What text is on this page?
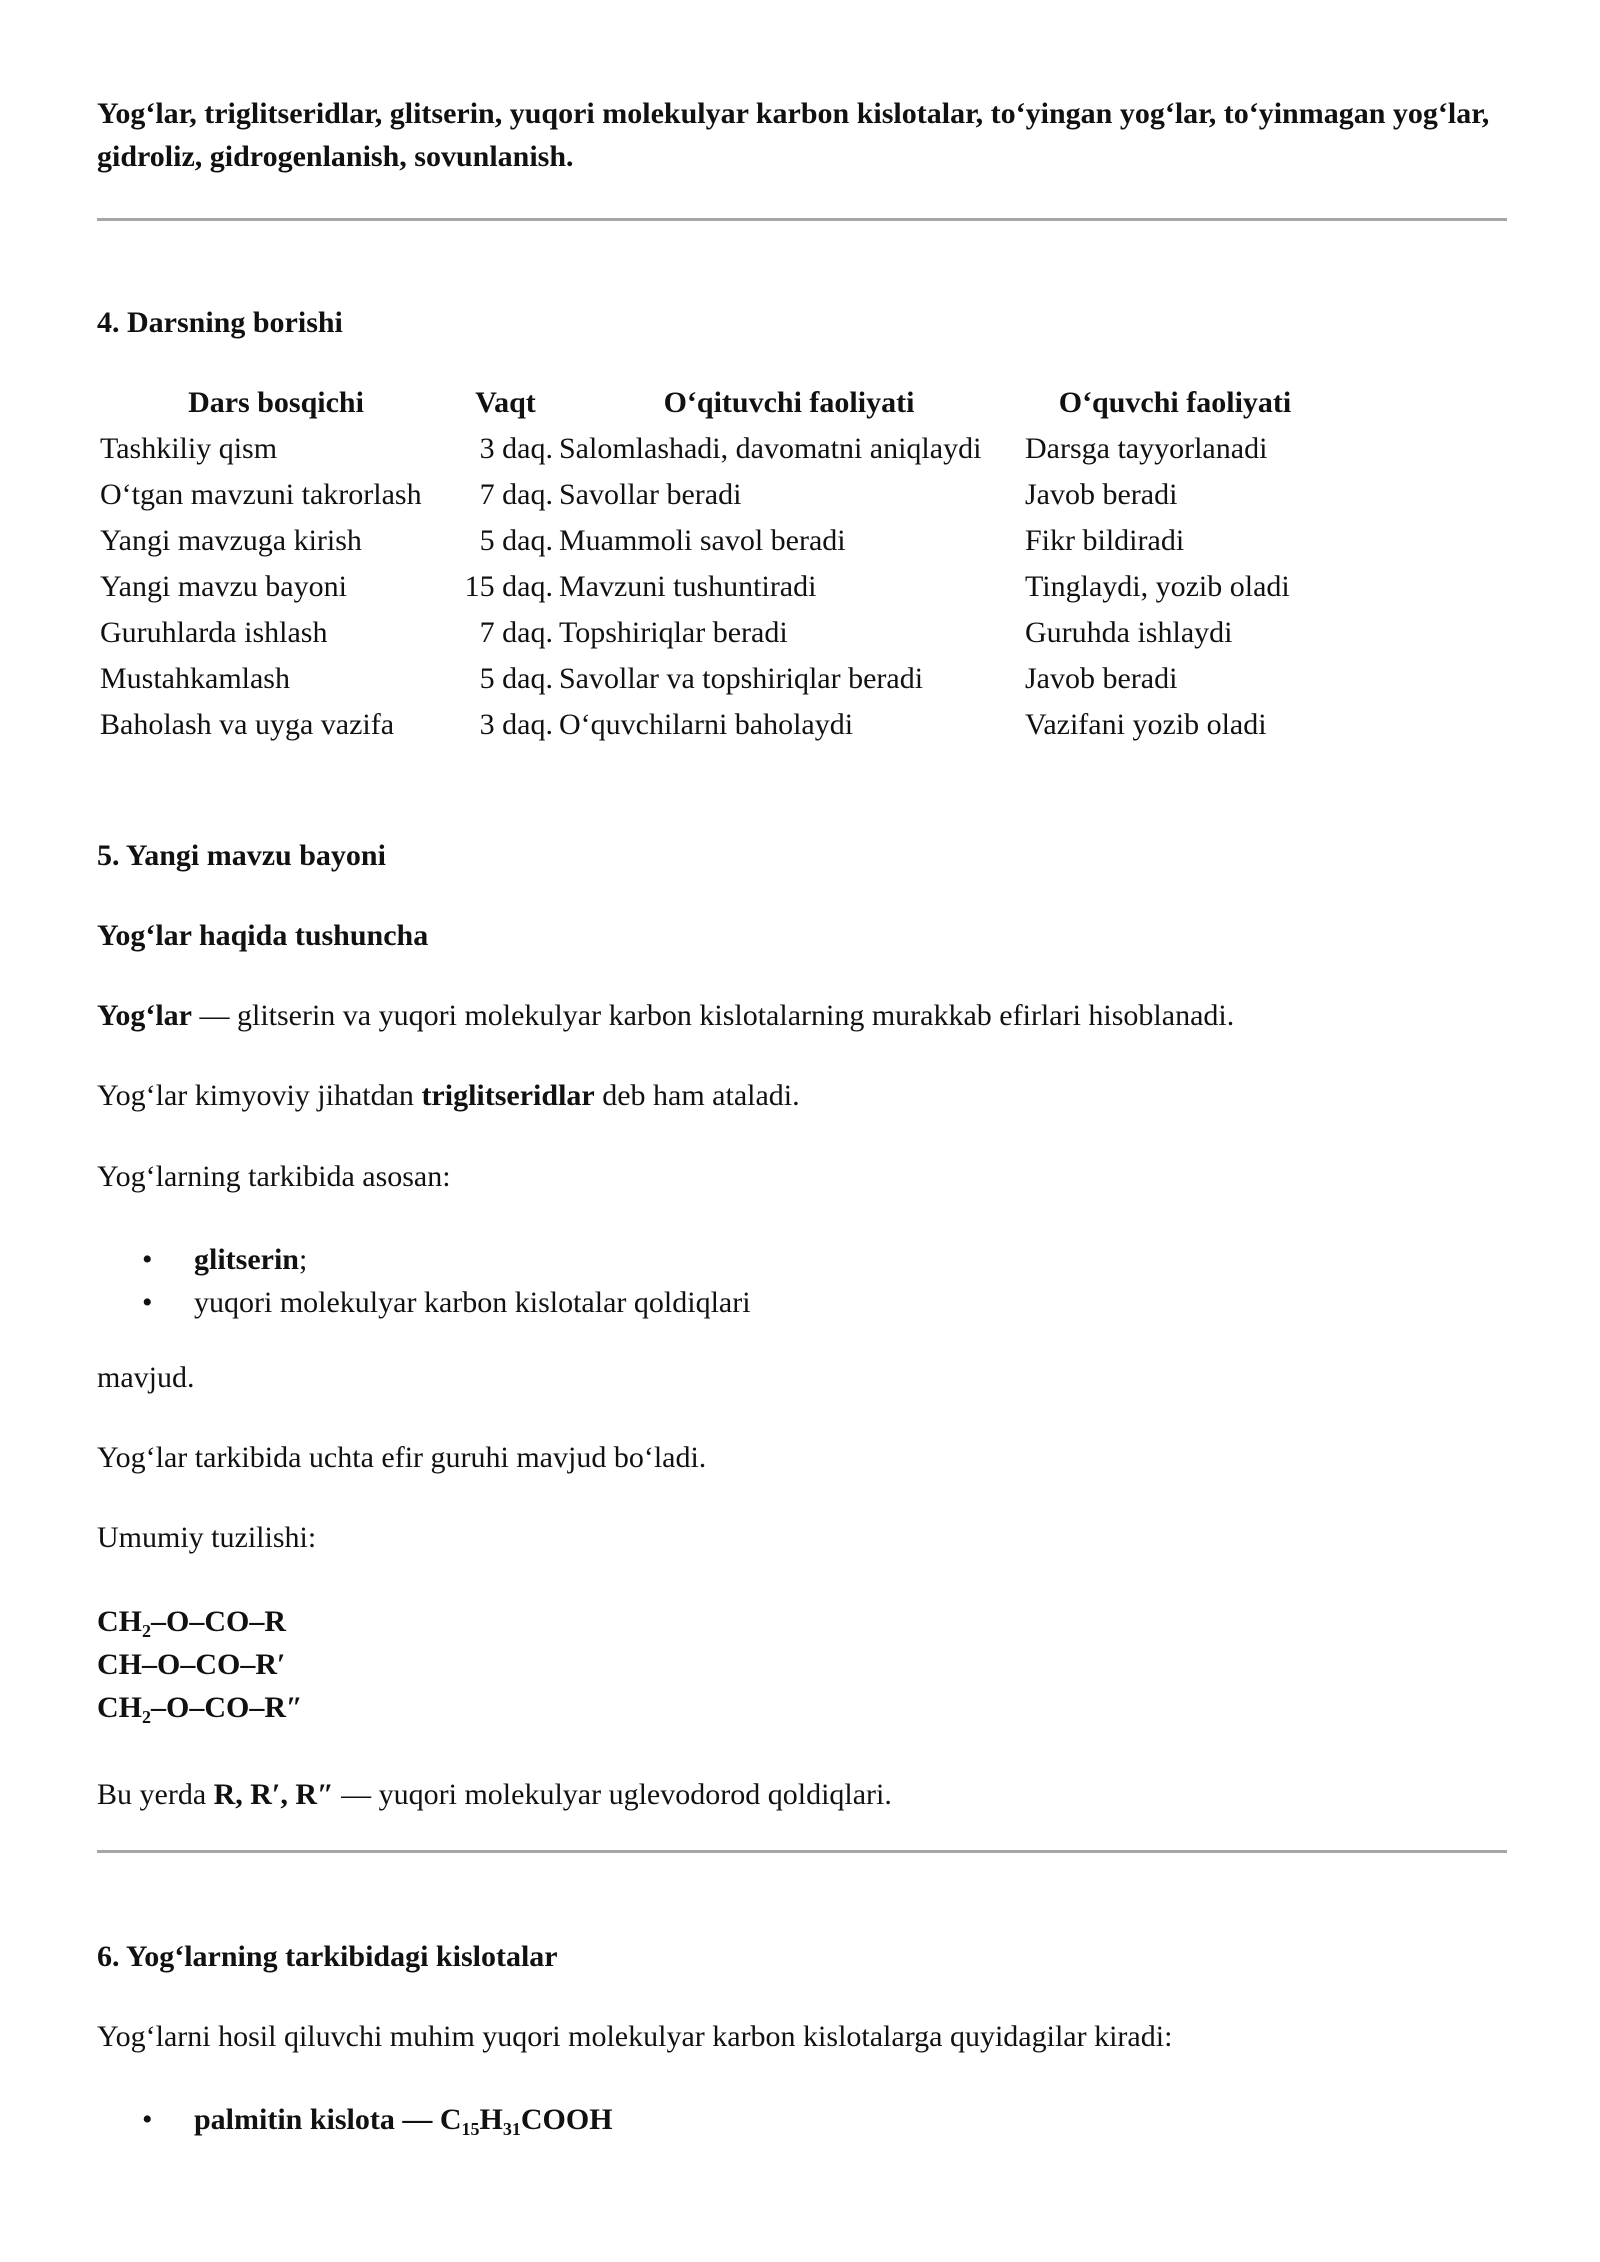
Yog‘lar, triglitseridlar, glitserin, yuqori molekulyar karbon kislotalar, to‘yingan yog‘lar, to‘yinmagan yog‘lar, gidroliz, gidrogenlanish, sovunlanish.
4. Darsning borishi
Dars bosqichi	Vaqt	O‘qituvchi faoliyati	O‘quvchi faoliyati
Tashkiliy qism	3 daq.	Salomlashadi, davomatni aniqlaydi	Darsga tayyorlanadi
O‘tgan mavzuni takrorlash	7 daq.	Savollar beradi	Javob beradi
Yangi mavzuga kirish	5 daq.	Muammoli savol beradi	Fikr bildiradi
Yangi mavzu bayoni	15 daq.	Mavzuni tushuntiradi	Tinglaydi, yozib oladi
Guruhlarda ishlash	7 daq.	Topshiriqlar beradi	Guruhda ishlaydi
Mustahkamlash	5 daq.	Savollar va topshiriqlar beradi	Javob beradi
Baholash va uyga vazifa	3 daq.	O‘quvchilarni baholaydi	Vazifani yozib oladi
5. Yangi mavzu bayoni
Yog‘lar haqida tushuncha
Yog‘lar — glitserin va yuqori molekulyar karbon kislotalarning murakkab efirlari hisoblanadi.
Yog‘lar kimyoviy jihatdan triglitseridlar deb ham ataladi.
Yog‘larning tarkibida asosan:
• glitserin;
• yuqori molekulyar karbon kislotalar qoldiqlari
mavjud.
Yog‘lar tarkibida uchta efir guruhi mavjud bo‘ladi.
Umumiy tuzilishi:
$CH_2-O-CO-R$
CH–O–CO–R′
$CH_2-O-CO-R''$
Bu yerda R, R′, R″ — yuqori molekulyar uglevodorod qoldiqlari.
6. Yog‘larning tarkibidagi kislotalar
Yog‘larni hosil qiluvchi muhim yuqori molekulyar karbon kislotalarga quyidagilar kiradi:
• palmitin kislota — $C_{15}H_{31}COOH$
